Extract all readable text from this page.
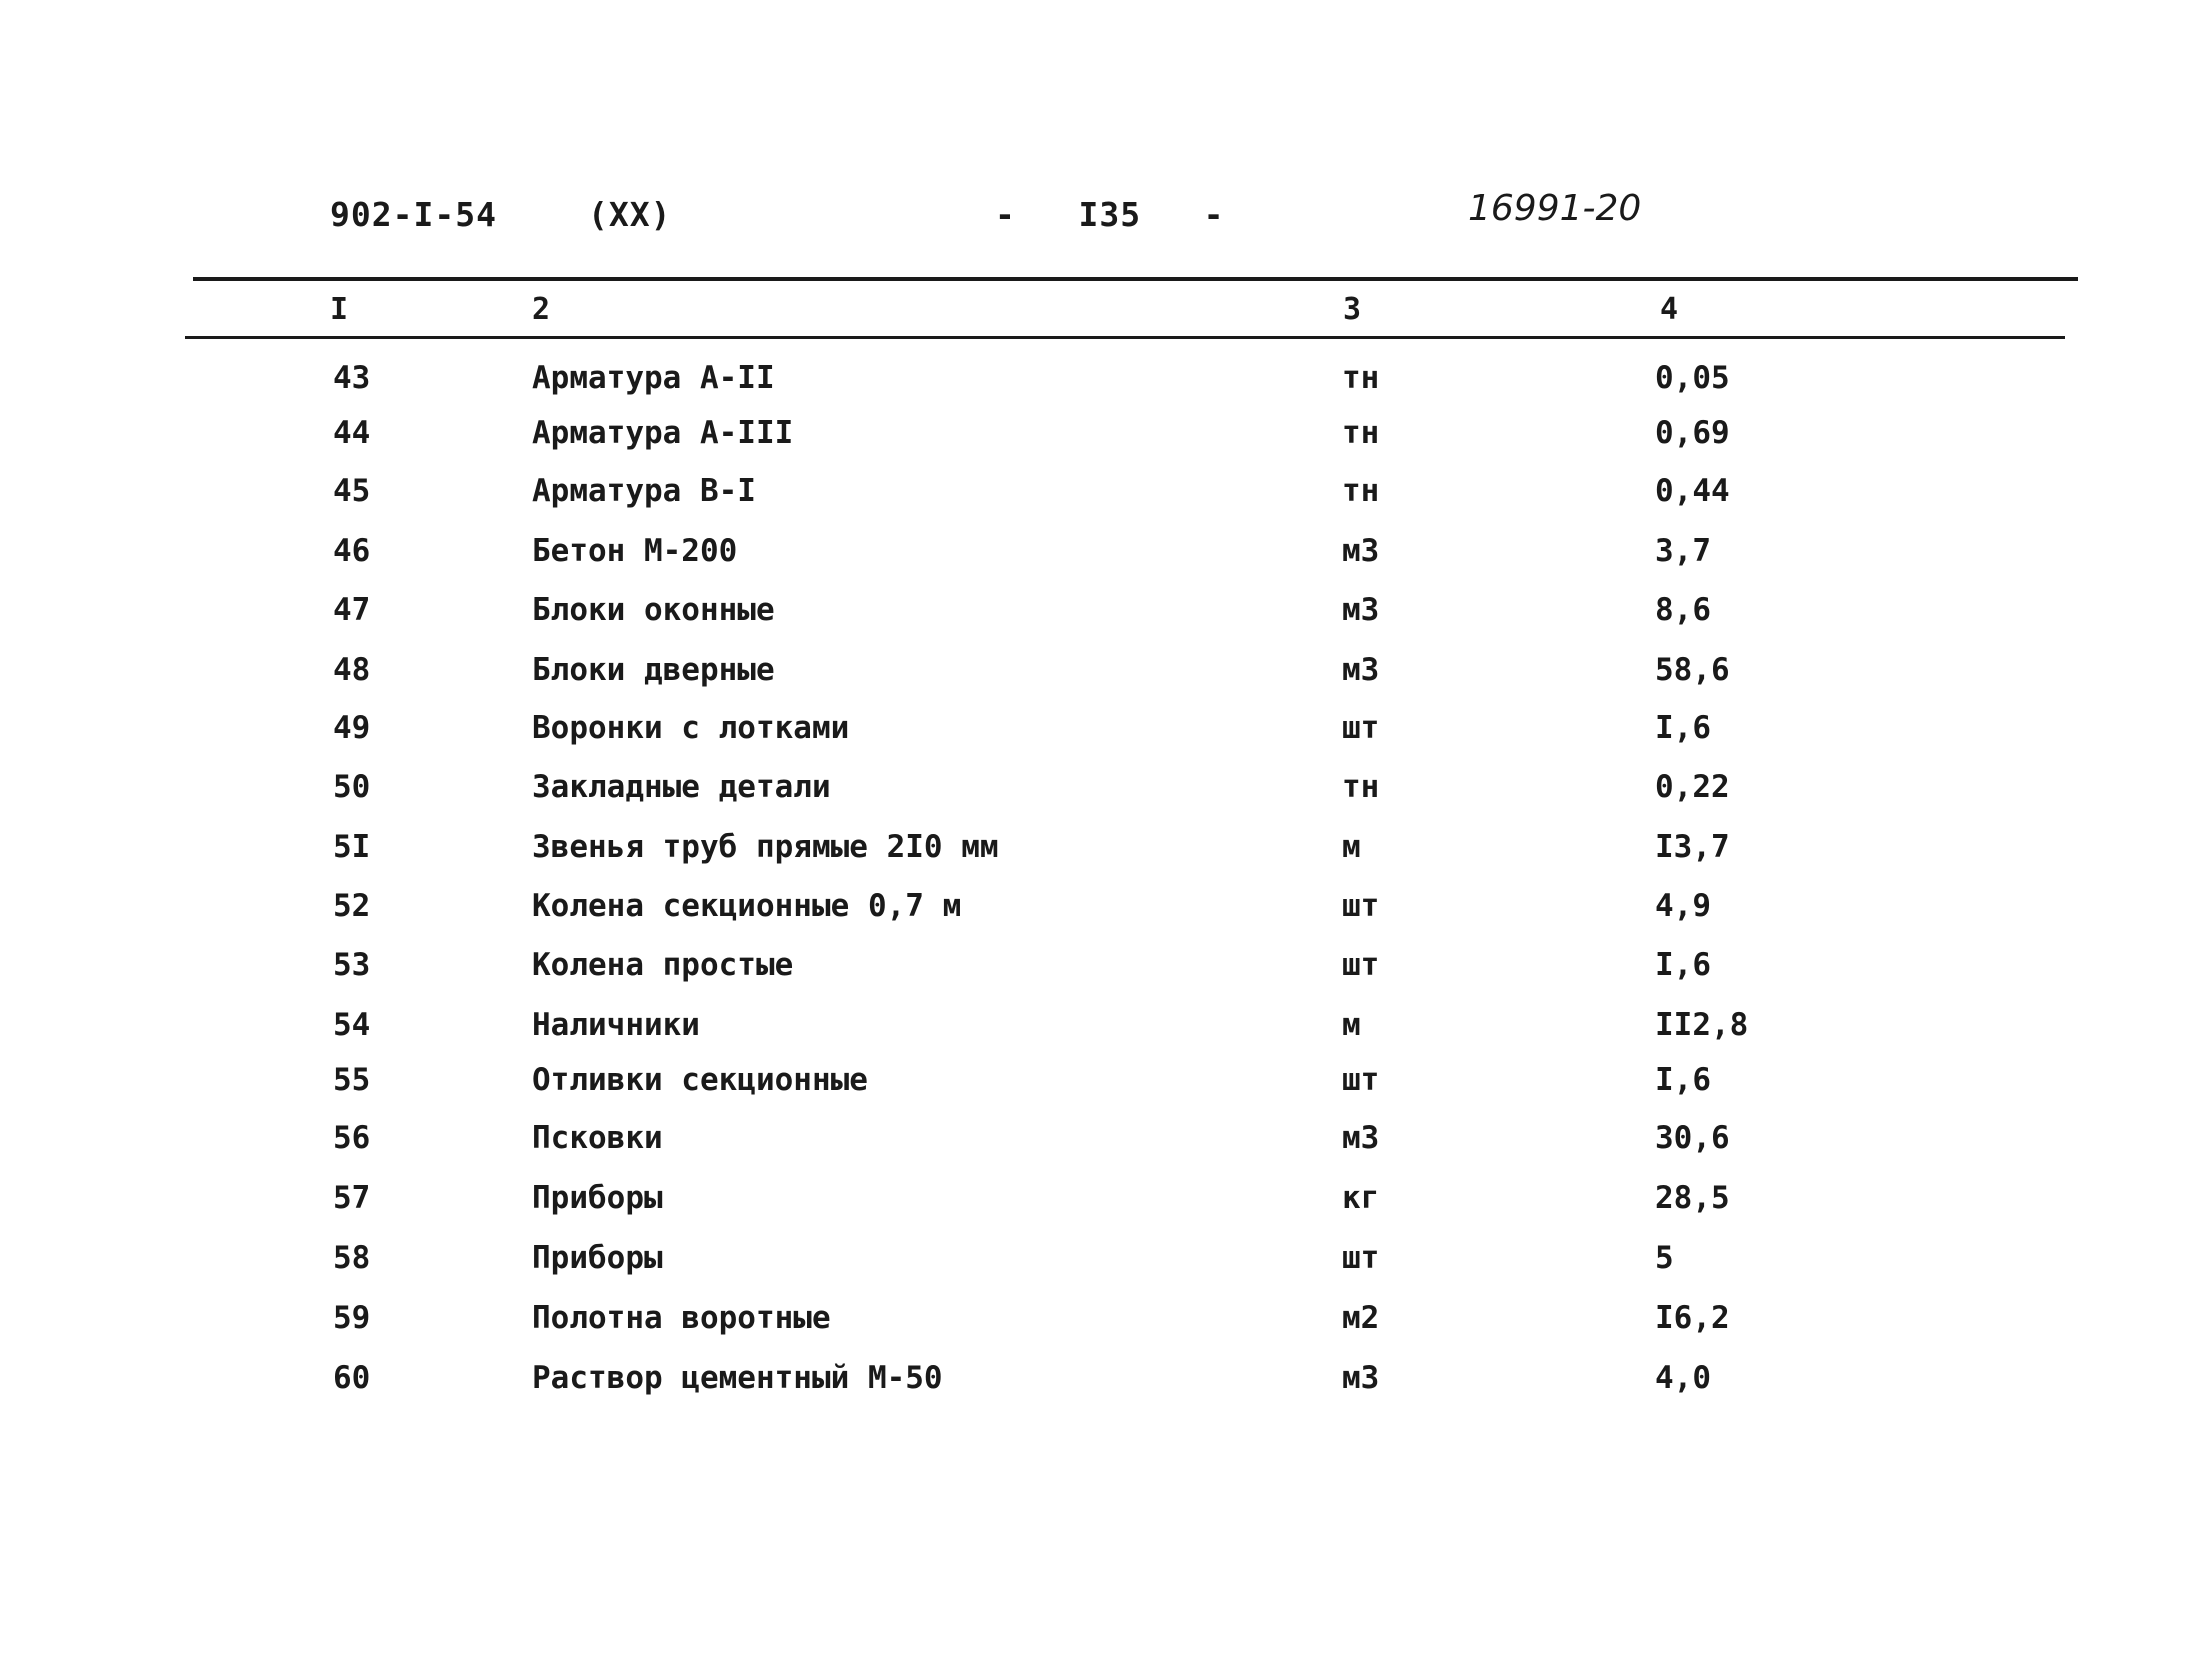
902-I-54	(XX)	-   I35   -	16991-20
I	2	3	4
43	Арматура А-II	тн	0,05
44	Арматура А-III	тн	0,69
45	Арматура В-I	тн	0,44
46	Бетон М-200	м3	3,7
47	Блоки оконные	м3	8,6
48	Блоки дверные	м3	58,6
49	Воронки с лотками	шт	I,6
50	Закладные детали	тн	0,22
5I	Звенья труб прямые 2I0 мм	м	I3,7
52	Колена секционные 0,7 м	шт	4,9
53	Колена простые	шт	I,6
54	Наличники	м	II2,8
55	Отливки секционные	шт	I,6
56	Псковки	м3	30,6
57	Приборы	кг	28,5
58	Приборы	шт	5
59	Полотна воротные	м2	I6,2
60	Раствор цементный М-50	м3	4,0
